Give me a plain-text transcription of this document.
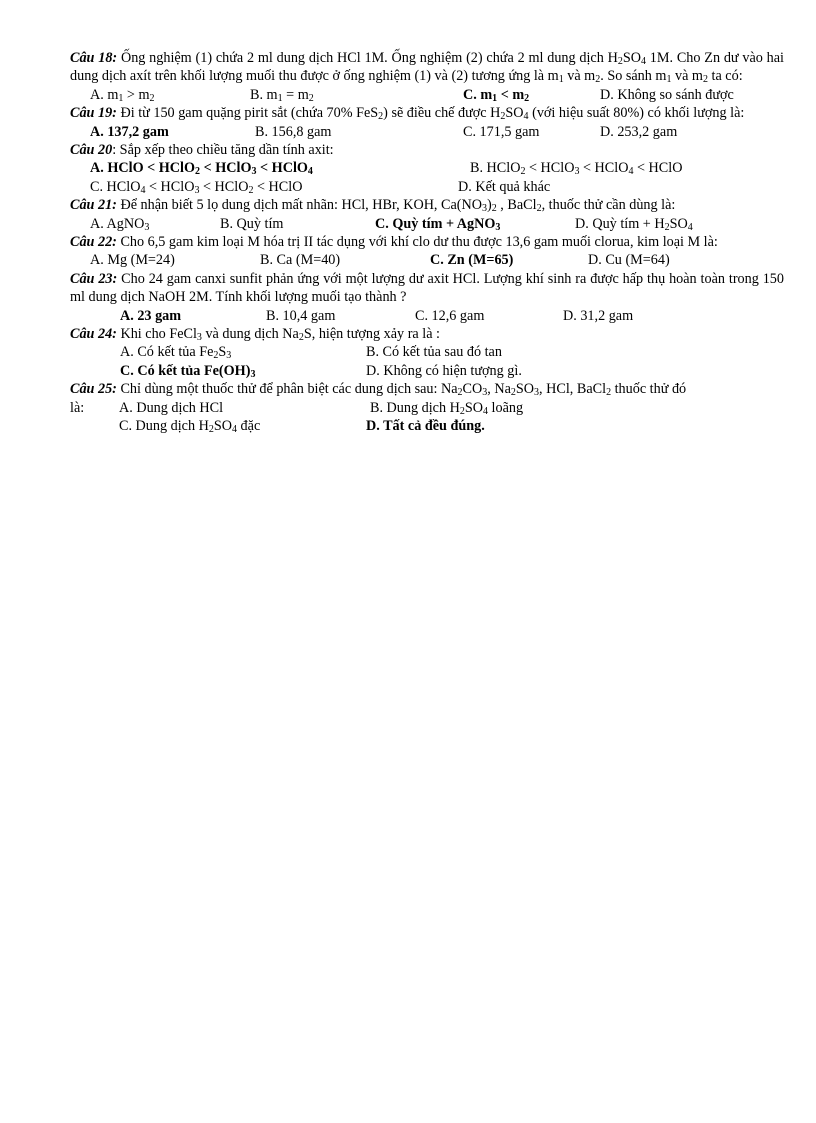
Câu 18: Ống nghiệm (1) chứa 2 ml dung dịch HCl 1M. Ống nghiệm (2) chứa 2 ml dung dịch $H_2SO_4$ 1M. Cho Zn dư vào hai dung dịch axít trên khối lượng muối thu được ở ống nghiệm (1) và (2) tương ứng là $m_1$ và $m_2$. So sánh $m_1$ và $m_2$ ta có:

A. $m_1 > m_2$	B. $m_1 = m_2$	C. $m_1 < m_2$	D. Không so sánh được

Câu 19: Đi từ 150 gam quặng pirit sắt (chứa 70% FeS$_2$) sẽ điều chế được $H_2SO_4$ (với hiệu suất 80%) có khối lượng là:

A. 137,2 gam	B. 156,8 gam	C. 171,5 gam	D. 253,2 gam

Câu 20: Sắp xếp theo chiều tăng dần tính axit:

A. HClO < HClO$_2$ < HClO$_3$ < HClO$_4$	B. HClO$_2$ < HClO$_3$ < HClO$_4$ < HClO
C. HClO$_4$ < HClO$_3$ < HClO$_2$ < HClO	D. Kết quả khác

Câu 21: Để nhận biết 5 lọ dung dịch mất nhãn: HCl, HBr, KOH, $Ca(NO_3)_2$ , BaCl$_2$, thuốc thử cần dùng là:

A. AgNO$_3$	B. Quỳ tím	C. Quỳ tím + AgNO$_3$	D. Quỳ tím + $H_2SO_4$

Câu 22: Cho 6,5 gam kim loại M hóa trị II tác dụng với khí clo dư thu được 13,6 gam muối clorua, kim loại M là:

A. Mg (M=24)	B. Ca (M=40)	C. Zn (M=65)	D. Cu (M=64)

Câu 23: Cho 24 gam canxi sunfit phản ứng với một lượng dư axit HCl. Lượng khí sinh ra được hấp thụ hoàn toàn trong 150 ml dung dịch NaOH 2M. Tính khối lượng muối tạo thành ?

A. 23 gam	B. 10,4 gam	C. 12,6 gam	D. 31,2 gam

Câu 24: Khi cho FeCl$_3$ và dung dịch $Na_2S$, hiện tượng xảy ra là :

A. Có kết tủa $Fe_2S_3$	B. Có kết tủa sau đó tan
C. Có kết tủa $Fe(OH)_3$	D. Không có hiện tượng gì.

Câu 25: Chỉ dùng một thuốc thử để phân biệt các dung dịch sau: $Na_2CO_3$, $Na_2SO_3$, HCl, BaCl$_2$ thuốc thử đó

là: A. Dung dịch HCl	B. Dung dịch $H_2SO_4$ loãng
C. Dung dịch $H_2SO_4$ đặc	D. Tất cả đều đúng.
